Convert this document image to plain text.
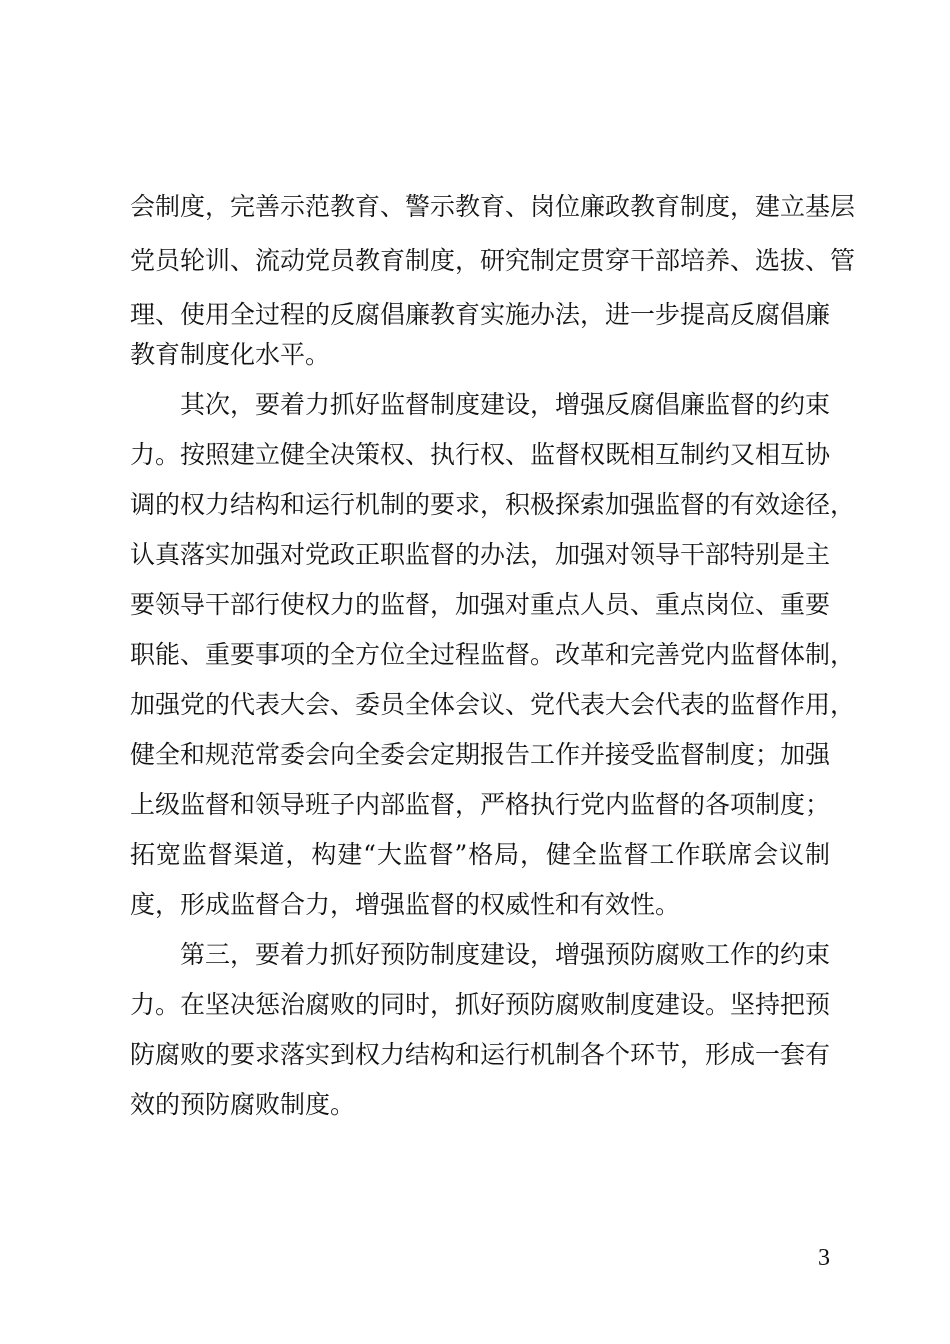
会制度，完善示范教育、警示教育、岗位廉政教育制度，建立基层
党员轮训、流动党员教育制度，研究制定贯穿干部培养、选拔、管
理、使用全过程的反腐倡廉教育实施办法，进一步提高反腐倡廉
教育制度化水平。
　　其次，要着力抓好监督制度建设，增强反腐倡廉监督的约束
力。按照建立健全决策权、执行权、监督权既相互制约又相互协
调的权力结构和运行机制的要求，积极探索加强监督的有效途径，
认真落实加强对党政正职监督的办法，加强对领导干部特别是主
要领导干部行使权力的监督，加强对重点人员、重点岗位、重要
职能、重要事项的全方位全过程监督。改革和完善党内监督体制，
加强党的代表大会、委员全体会议、党代表大会代表的监督作用，
健全和规范常委会向全委会定期报告工作并接受监督制度；加强
上级监督和领导班子内部监督，严格执行党内监督的各项制度；
拓宽监督渠道，构建“大监督”格局，健全监督工作联席会议制
度，形成监督合力，增强监督的权威性和有效性。
　　第三，要着力抓好预防制度建设，增强预防腐败工作的约束
力。在坚决惩治腐败的同时，抓好预防腐败制度建设。坚持把预
防腐败的要求落实到权力结构和运行机制各个环节，形成一套有
效的预防腐败制度。
3
